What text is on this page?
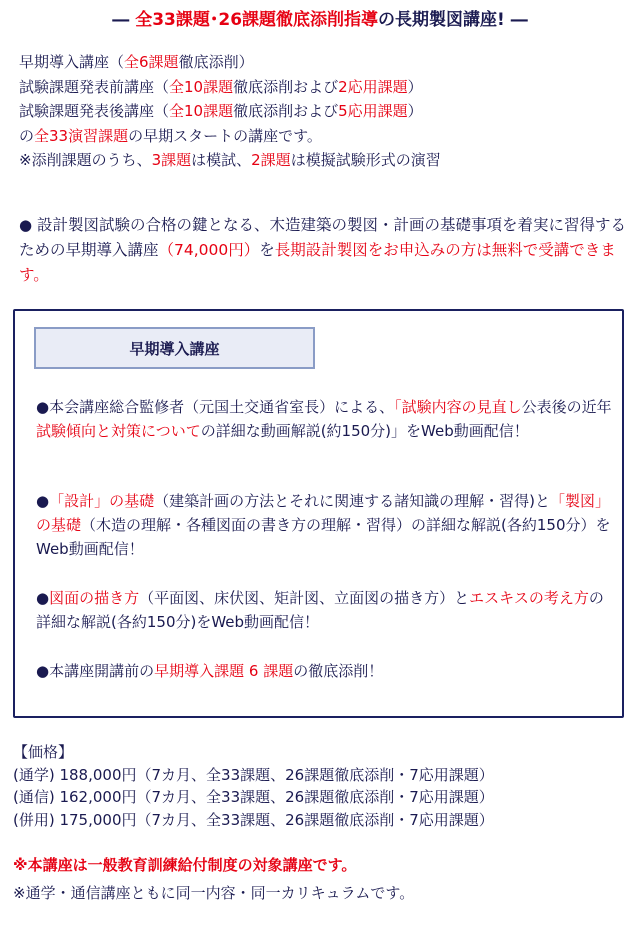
― 全33課題･26課題徹底添削指導の長期製図講座! ―
早期導入講座（全6課題徹底添削）
試験課題発表前講座（全10課題徹底添削および2応用課題）
試験課題発表後講座（全10課題徹底添削および5応用課題）
の全33演習課題の早期スタートの講座です。
※添削課題のうち、3課題は模試、2課題は模擬試験形式の演習
● 設計製図試験の合格の鍵となる、木造建築の製図・計画の基礎事項を着実に習得するための早期導入講座（74,000円）を長期設計製図をお申込みの方は無料で受講できます。
早期導入講座
●本会講座総合監修者（元国土交通省室長）による、「試験内容の見直し公表後の近年試験傾向と対策についての詳細な動画解説(約150分)」をWeb動画配信！
●「設計」の基礎（建築計画の方法とそれに関連する諸知識の理解・習得)と「製図」の基礎（木造の理解・各種図面の書き方の理解・習得）の詳細な解説(各約150分）を Web動画配信！
●図面の描き方（平面図、床伏図、矩計図、立面図の描き方）とエスキスの考え方の詳細な解説(各約150分)をWeb動画配信！
●本講座開講前の早期導入課題 6 課題の徹底添削！
【価格】
(通学) 188,000円（7カ月、全33課題、26課題徹底添削・7応用課題）
(通信) 162,000円（7カ月、全33課題、26課題徹底添削・7応用課題）
(併用) 175,000円（7カ月、全33課題、26課題徹底添削・7応用課題）
※本講座は一般教育訓練給付制度の対象講座です。
※通学・通信講座ともに同一内容・同一カリキュラムです。
